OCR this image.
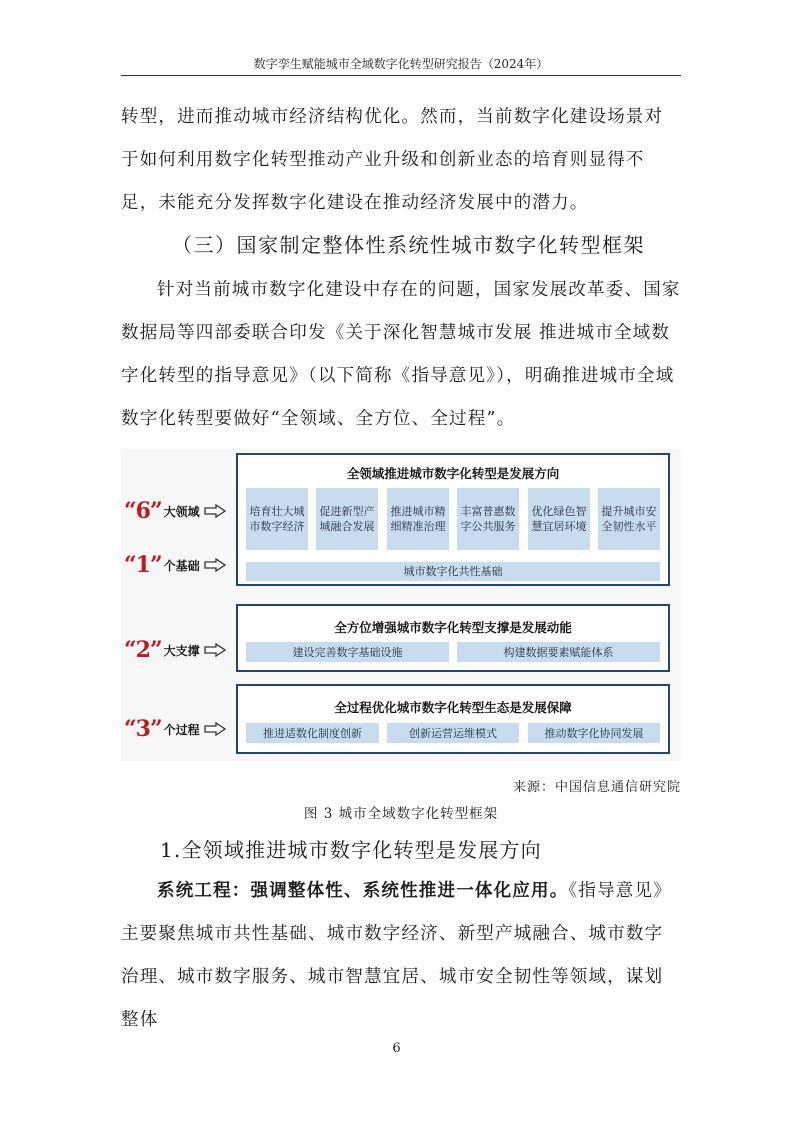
数字孪生赋能城市全域数字化转型研究报告（2024年）

转型，进而推动城市经济结构优化。然而，当前数字化建设场景对于如何利用数字化转型推动产业升级和创新业态的培育则显得不足，未能充分发挥数字化建设在推动经济发展中的潜力。

（三）国家制定整体性系统性城市数字化转型框架

针对当前城市数字化建设中存在的问题，国家发展改革委、国家数据局等四部委联合印发《关于深化智慧城市发展 推进城市全域数字化转型的指导意见》（以下简称《指导意见》），明确推进城市全域数字化转型要做好“全领域、全方位、全过程”。

“6” 大领域
“1” 个基础
“2” 大支撑
“3” 个过程
全领域推进城市数字化转型是发展方向
培育壮大城市数字经济
促进新型产城融合发展
推进城市精细精准治理
丰富普惠数字公共服务
优化绿色智慧宜居环境
提升城市安全韧性水平
城市数字化共性基础
全方位增强城市数字化转型支撑是发展动能
建设完善数字基础设施	构建数据要素赋能体系
全过程优化城市数字化转型生态是发展保障
推进适数化制度创新	创新运营运维模式	推动数字化协同发展
来源：中国信息通信研究院
图 3 城市全域数字化转型框架
1.全领域推进城市数字化转型是发展方向

系统工程：强调整体性、系统性推进一体化应用。《指导意见》主要聚焦城市共性基础、城市数字经济、新型产城融合、城市数字治理、城市数字服务、城市智慧宜居、城市安全韧性等领域，谋划整体

6
